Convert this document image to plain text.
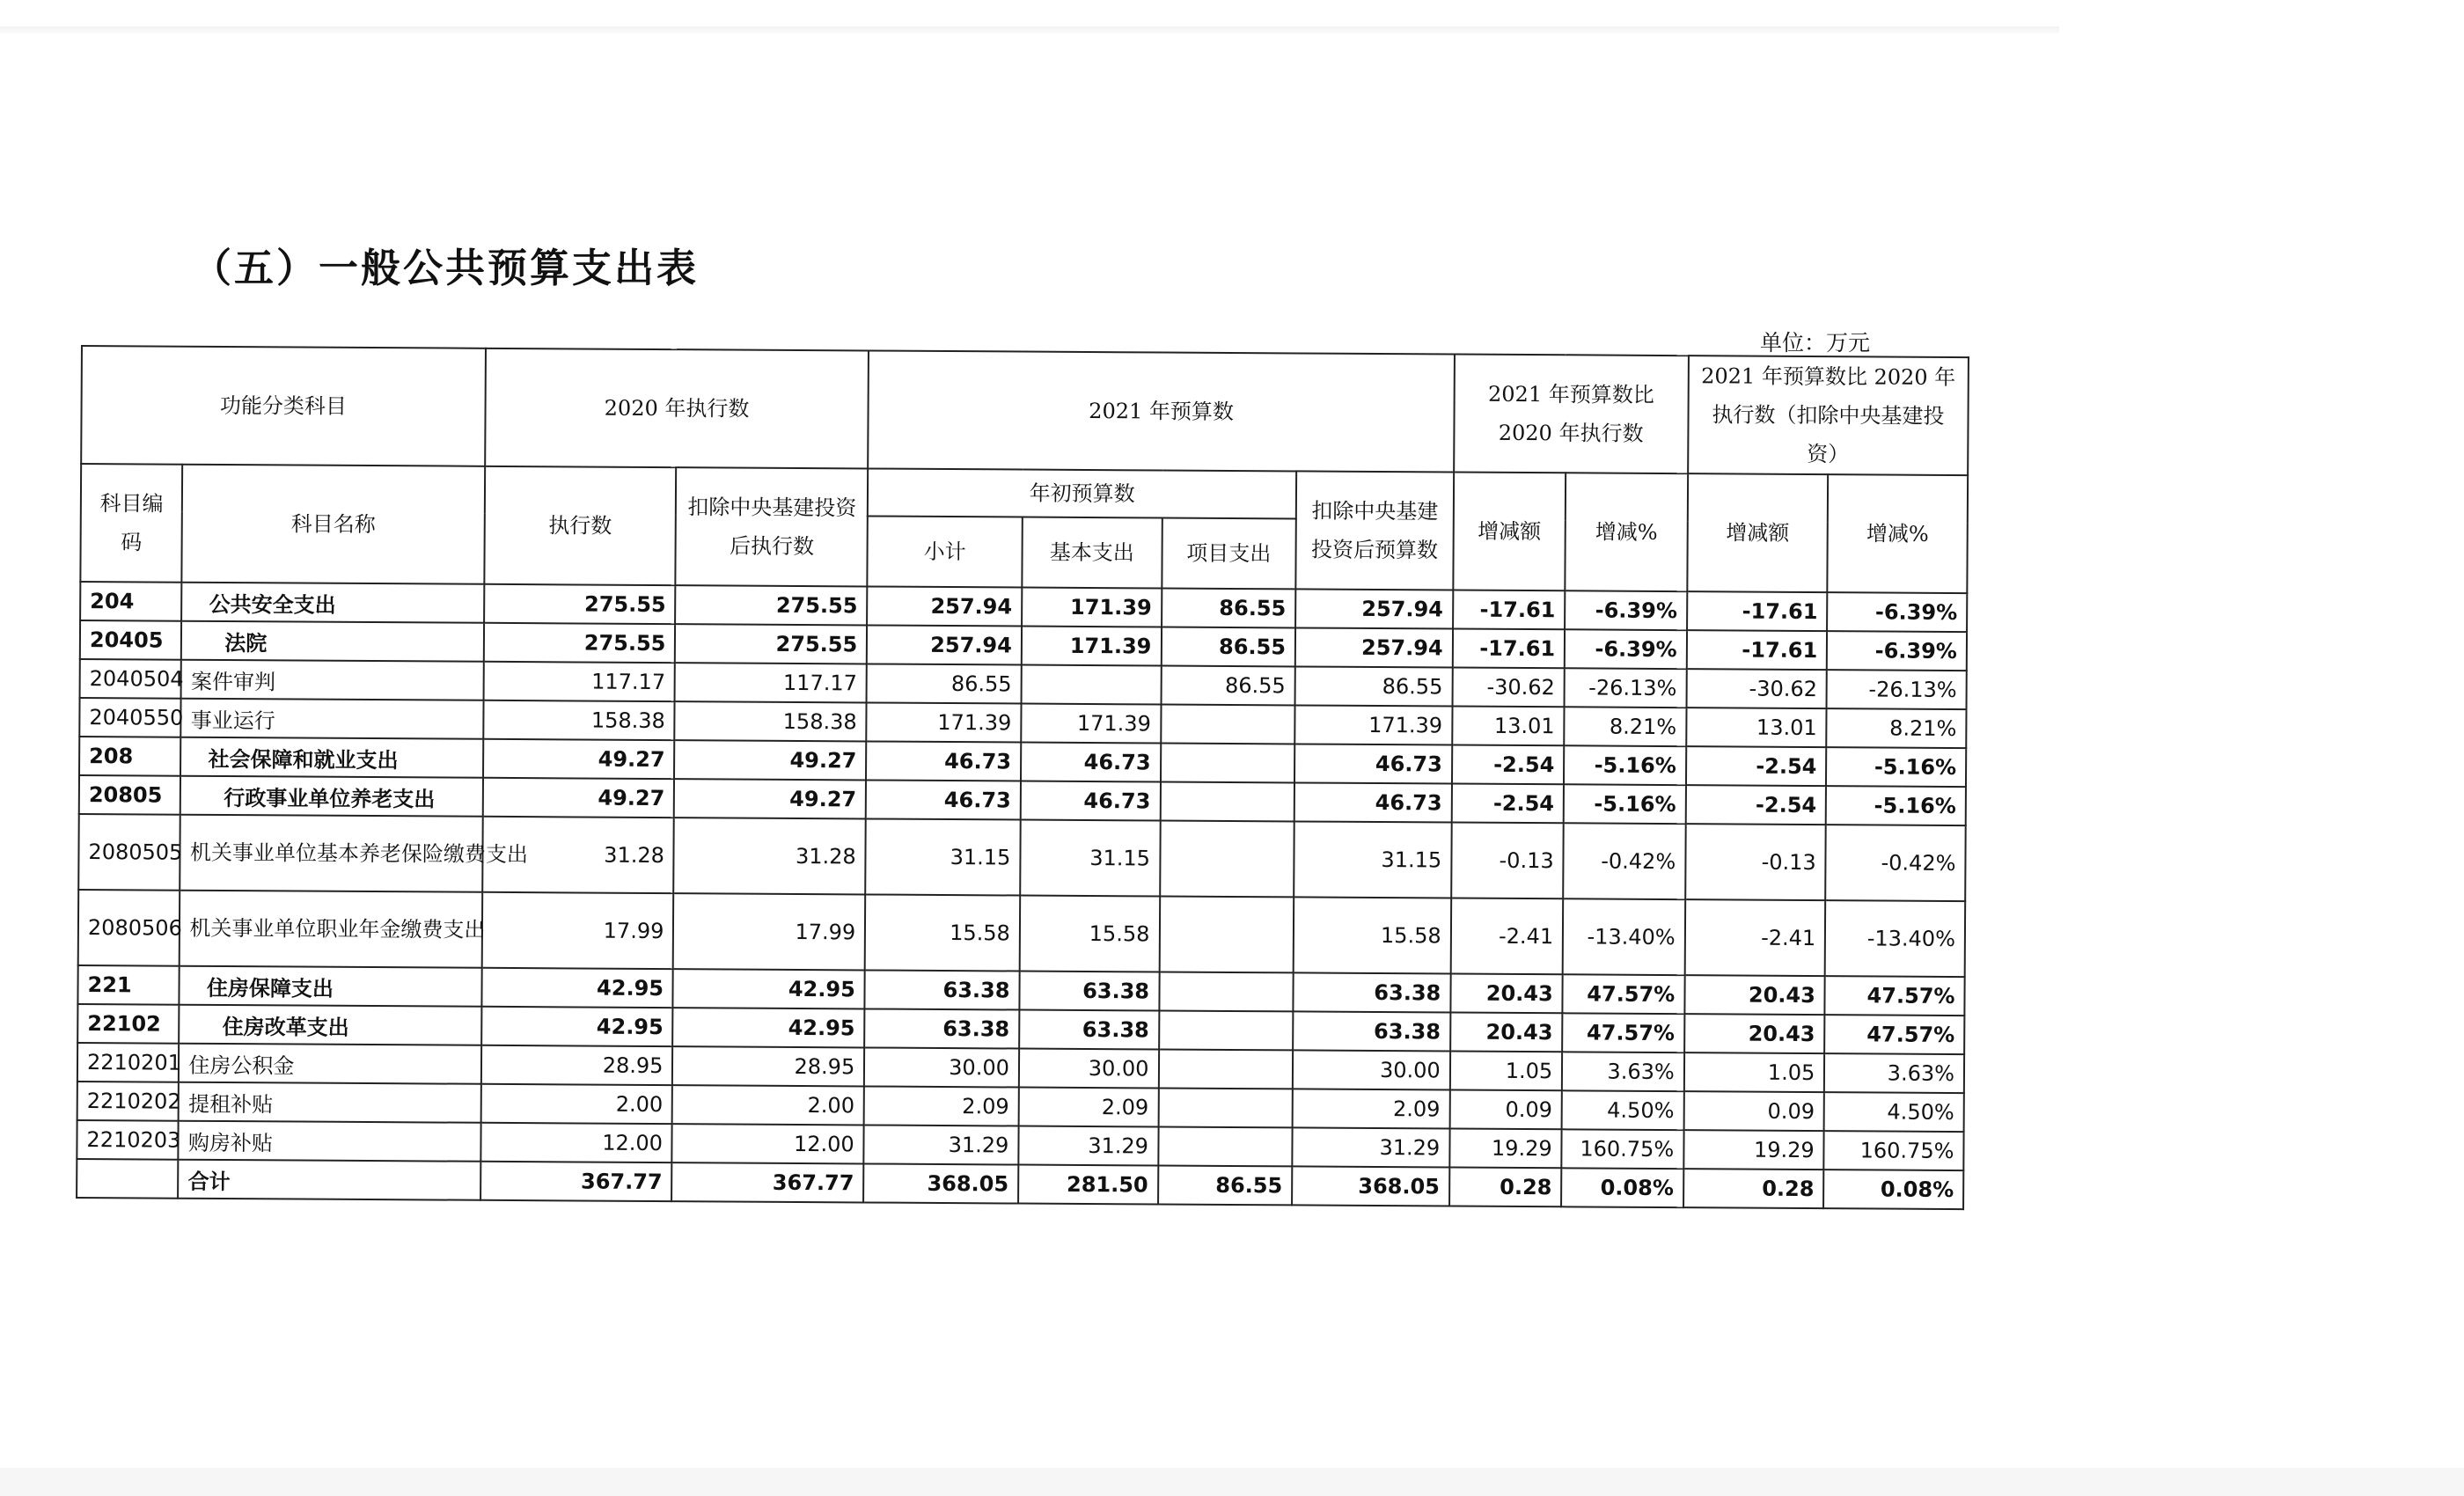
（五）一般公共预算支出表
单位：万元
功能分类科目		2020 年执行数		2021 年预算数				2021 年预算数比 2020 年执行数		2021 年预算数比 2020 年执行数（扣除中央基建投资）	
科目编码	科目名称	执行数	扣除中央基建投资后执行数	年初预算数			扣除中央基建投资后预算数	增减额	增减%	增减额	增减%
				小计	基本支出	项目支出					
204	公共安全支出	275.55	275.55	257.94	171.39	86.55	257.94	-17.61	-6.39%	-17.61	-6.39%
20405	法院	275.55	275.55	257.94	171.39	86.55	257.94	-17.61	-6.39%	-17.61	-6.39%
2040504	案件审判	117.17	117.17	86.55		86.55	86.55	-30.62	-26.13%	-30.62	-26.13%
2040550	事业运行	158.38	158.38	171.39	171.39		171.39	13.01	8.21%	13.01	8.21%
208	社会保障和就业支出	49.27	49.27	46.73	46.73		46.73	-2.54	-5.16%	-2.54	-5.16%
20805	行政事业单位养老支出	49.27	49.27	46.73	46.73		46.73	-2.54	-5.16%	-2.54	-5.16%
2080505	机关事业单位基本养老保险缴费支出	31.28	31.28	31.15	31.15		31.15	-0.13	-0.42%	-0.13	-0.42%
2080506	机关事业单位职业年金缴费支出	17.99	17.99	15.58	15.58		15.58	-2.41	-13.40%	-2.41	-13.40%
221	住房保障支出	42.95	42.95	63.38	63.38		63.38	20.43	47.57%	20.43	47.57%
22102	住房改革支出	42.95	42.95	63.38	63.38		63.38	20.43	47.57%	20.43	47.57%
2210201	住房公积金	28.95	28.95	30.00	30.00		30.00	1.05	3.63%	1.05	3.63%
2210202	提租补贴	2.00	2.00	2.09	2.09		2.09	0.09	4.50%	0.09	4.50%
2210203	购房补贴	12.00	12.00	31.29	31.29		31.29	19.29	160.75%	19.29	160.75%
	合计	367.77	367.77	368.05	281.50	86.55	368.05	0.28	0.08%	0.28	0.08%
